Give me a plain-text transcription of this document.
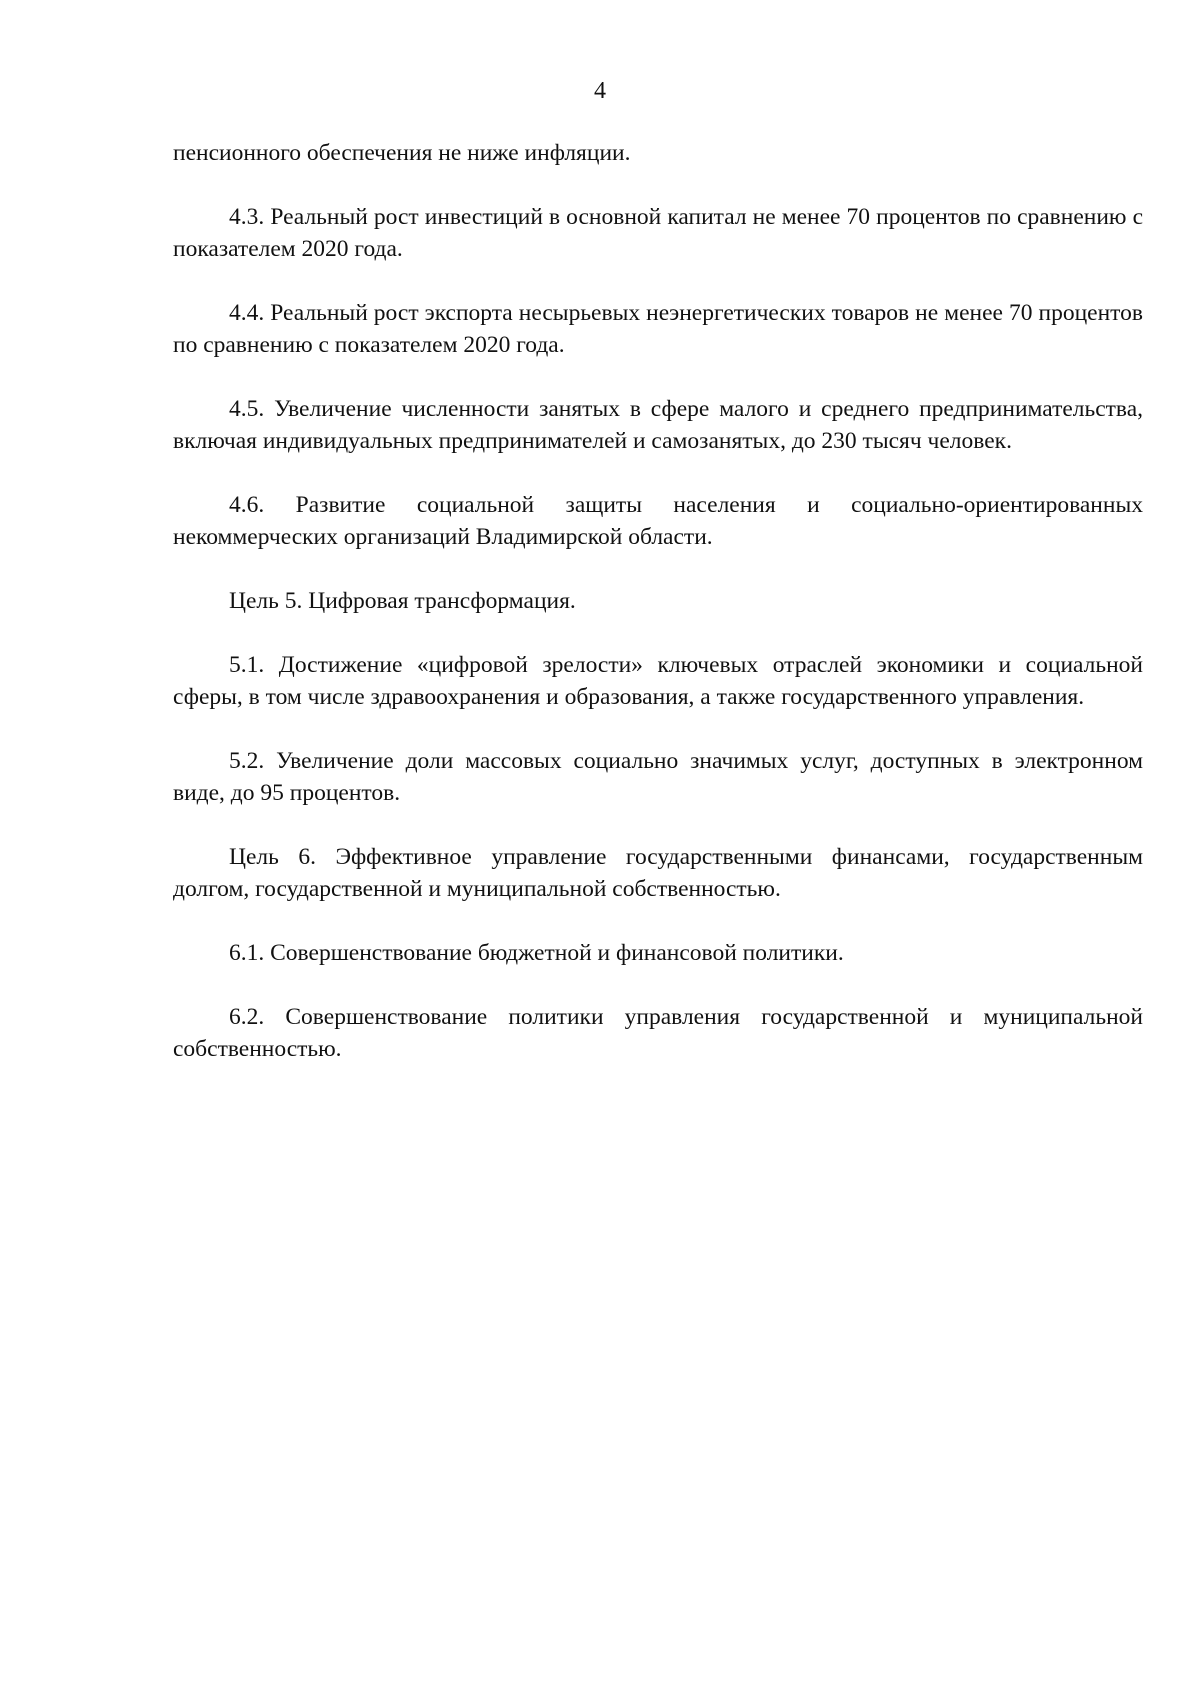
4

пенсионного обеспечения не ниже инфляции.

4.3. Реальный рост инвестиций в основной капитал не менее 70 процентов по сравнению с показателем 2020 года.

4.4. Реальный рост экспорта несырьевых неэнергетических товаров не менее 70 процентов по сравнению с показателем 2020 года.

4.5. Увеличение численности занятых в сфере малого и среднего предпринимательства, включая индивидуальных предпринимателей и самозанятых, до 230 тысяч человек.

4.6. Развитие социальной защиты населения и социально-ориентированных некоммерческих организаций Владимирской области.

Цель 5. Цифровая трансформация.

5.1. Достижение «цифровой зрелости» ключевых отраслей экономики и социальной сферы, в том числе здравоохранения и образования, а также государственного управления.

5.2. Увеличение доли массовых социально значимых услуг, доступных в электронном виде, до 95 процентов.

Цель 6. Эффективное управление государственными финансами, государственным долгом, государственной и муниципальной собственностью.

6.1. Совершенствование бюджетной и финансовой политики.

6.2. Совершенствование политики управления государственной и муниципальной собственностью.
